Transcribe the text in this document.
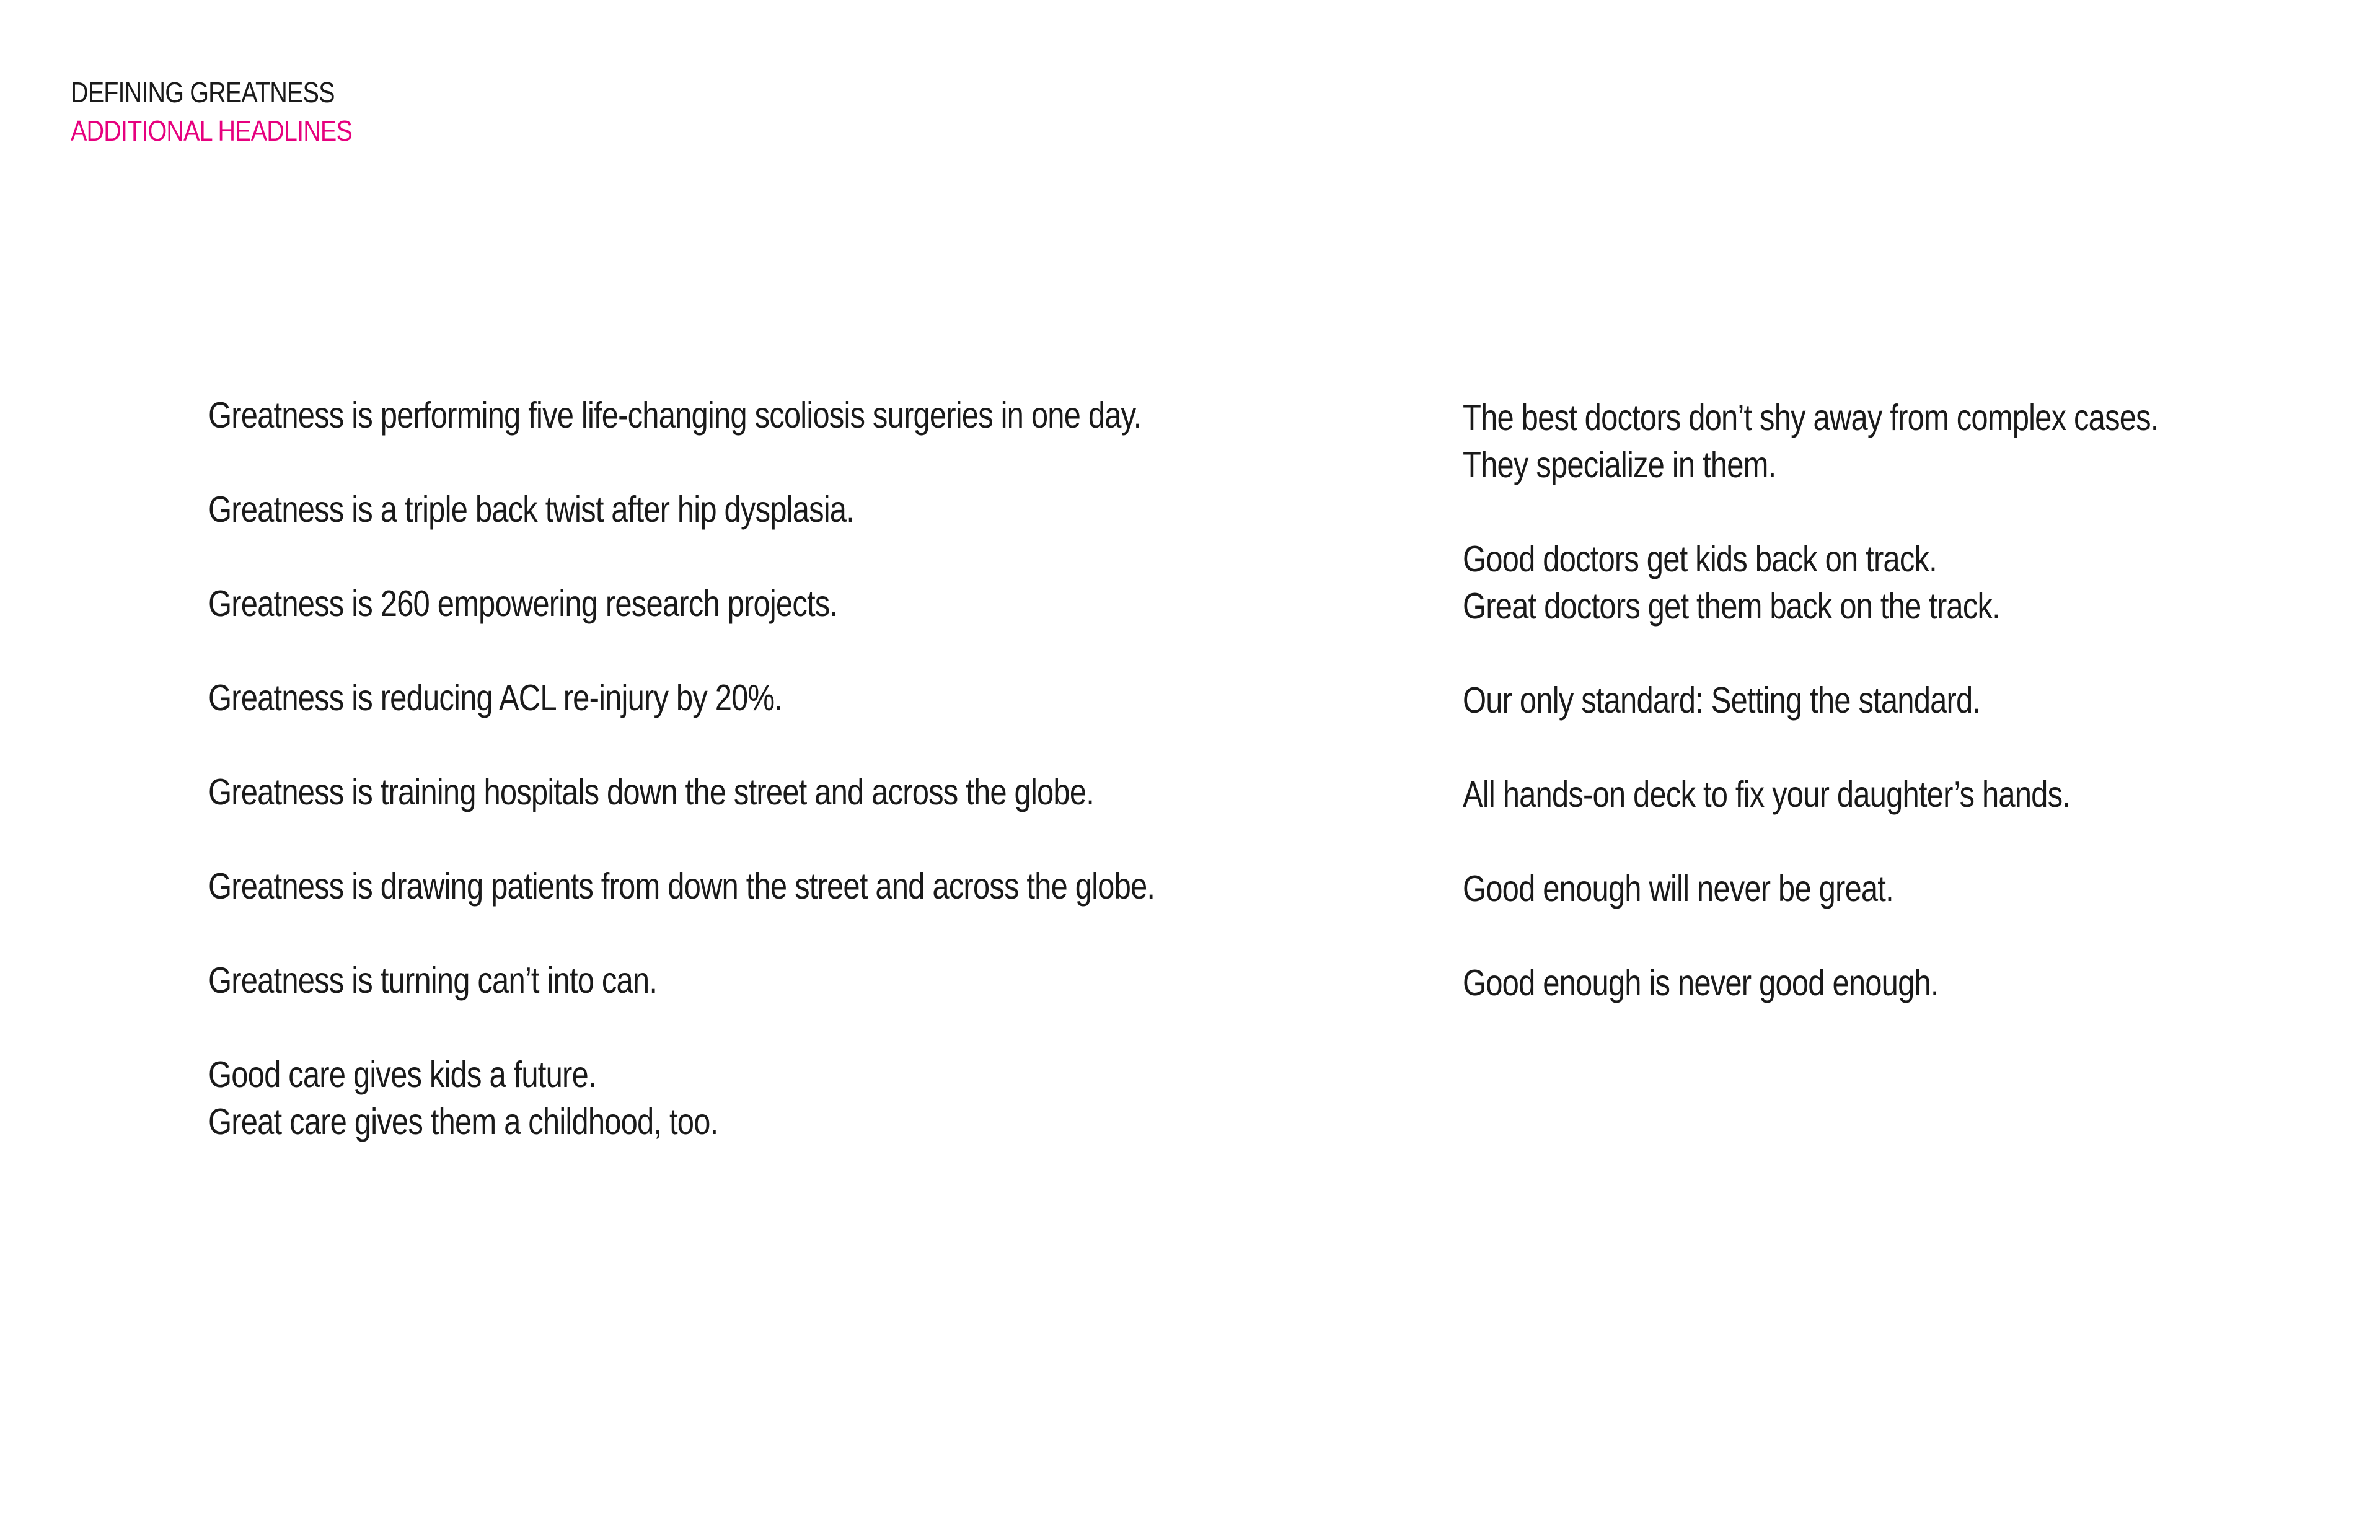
DEFINING GREATNESS
ADDITIONAL HEADLINES

Greatness is performing five life-changing scoliosis surgeries in one day.

Greatness is a triple back twist after hip dysplasia.

Greatness is 260 empowering research projects.

Greatness is reducing ACL re-injury by 20%.

Greatness is training hospitals down the street and across the globe.

Greatness is drawing patients from down the street and across the globe.

Greatness is turning can’t into can.

Good care gives kids a future.
Great care gives them a childhood, too.

The best doctors don’t shy away from complex cases.
They specialize in them.

Good doctors get kids back on track.
Great doctors get them back on the track.

Our only standard: Setting the standard.

All hands-on deck to fix your daughter’s hands.

Good enough will never be great.

Good enough is never good enough.
